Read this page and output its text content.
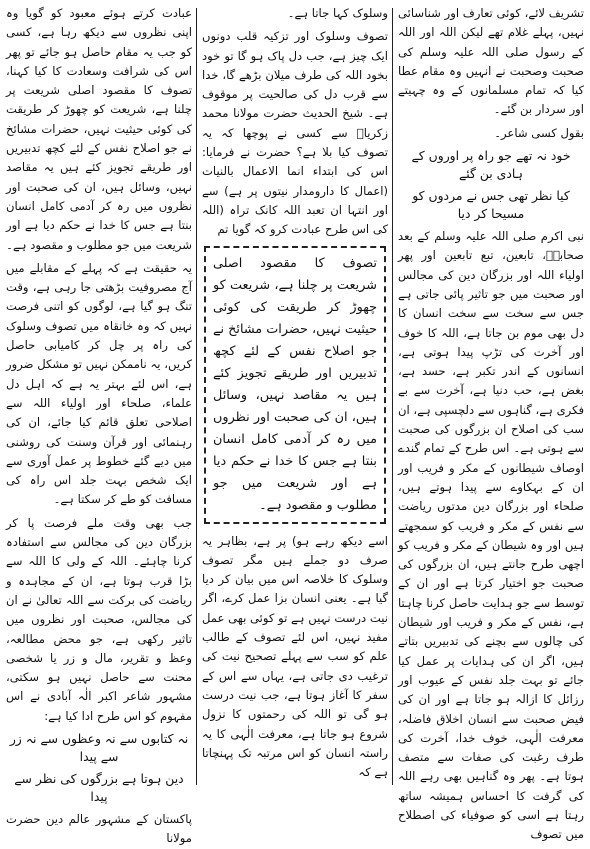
تشریف لائے، کوئی تعارف اور شناسائی نہیں، پہلے غلام تھے لیکن اللہ اور اللہ کے رسول صلی اللہ علیہ وسلم کی صحبت وصحبت نے انہیں وہ مقام عطا کیا کہ تمام مسلمانوں کے وہ چہیتے اور سردار بن گئے۔

بقول کسی شاعر۔

خود نہ تھے جو راہ پر اوروں کے ہادی بن گئے

کیا نظر تھی جس نے مردوں کو مسیحا کر دیا

نبی اکرم صلی اللہ علیہ وسلم کے بعد صحابہؓ، تابعین، تبع تابعین اور پھر اولیاء اللہ اور بزرگان دین کی مجالس اور صحبت میں جو تاثیر پائی جاتی ہے جس سے سخت سے سخت انسان کا دل بھی موم بن جاتا ہے، اللہ کا خوف اور آخرت کی تڑپ پیدا ہوتی ہے، انسانوں کے اندر تکبر ہے، حسد ہے، بغض ہے، حب دنیا ہے، آخرت سے بے فکری ہے، گناہوں سے دلچسپی ہے، ان سب کی اصلاح ان بزرگوں کی صحبت سے ہوتی ہے۔ اس طرح کے تمام گندے اوصاف شیطانوں کے مکر و فریب اور ان کے بہکاوے سے پیدا ہوتے ہیں، صلحاء اور بزرگان دین مدتوں ریاضت سے نفس کے مکر و فریب کو سمجھتے ہیں اور وہ شیطان کے مکر و فریب کو اچھی طرح جانتے ہیں، ان بزرگوں کی صحبت جو اختیار کرتا ہے اور ان کے توسط سے جو ہدایت حاصل کرنا چاہتا ہے، نفس کے مکر و فریب اور شیطان کی چالوں سے بچنے کی تدبیریں بتاتے ہیں، اگر ان کی ہدایات پر عمل کیا جائے تو بہت جلد نفس کے عیوب اور رزائل کا ازالہ ہو جاتا ہے اور ان کی فیض صحبت سے انسان اخلاق فاضلہ، معرفت الٰہی، خوف خدا، آخرت کی طرف رغبت کی صفات سے متصف ہوتا ہے۔ پھر وہ گناہیں بھی رہے اللہ کی گرفت کا احساس ہمیشہ ساتھ رہتا ہے اسی کو صوفیاء کی اصطلاح میں تصوف

وسلوک کہا جاتا ہے۔

تصوف وسلوک اور تزکیہ قلب دونوں ایک چیز ہے، جب دل پاک ہو گا تو خود بخود اللہ کی طرف میلان بڑھے گا، خدا سے قرب دل کی صالحیت پر موقوف ہے۔ شیخ الحدیث حضرت مولانا محمد زکریاؒ سے کسی نے پوچھا کہ یہ تصوف کیا بلا ہے؟ حضرت نے فرمایا: اس کی ابتداء انما الاعمال بالنیات (اعمال کا دارومدار نیتوں پر ہے) سے اور انتہا ان تعبد اللہ کانک تراہ (اللہ کی اس طرح عبادت کرو کہ گویا تم

تصوف کا مقصود اصلی شریعت پر چلنا ہے، شریعت کو چھوڑ کر طریقت کی کوئی حیثیت نہیں، حضرات مشائخ نے جو اصلاح نفس کے لئے کچھ تدبیریں اور طریقے تجویز کئے ہیں یہ مقاصد نہیں، وسائل ہیں، ان کی صحبت اور نظروں میں رہ کر آدمی کامل انسان بنتا ہے جس کا خدا نے حکم دیا ہے اور شریعت میں جو مطلوب و مقصود ہے۔

اسے دیکھ رہے ہو) پر ہے، بظاہر یہ صرف دو جملے ہیں مگر تصوف وسلوک کا خلاصہ اس میں بیان کر دیا گیا ہے۔ یعنی انسان بزا عمل کرے، اگر نیت درست نہیں ہے تو کوئی بھی عمل مفید نہیں، اس لئے تصوف کے طالب علم کو سب سے پہلے تصحیح نیت کی ترغیب دی جاتی ہے، یہاں سے اس کے سفر کا آغاز ہوتا ہے، جب نیت درست ہو گی تو اللہ کی رحمتوں کا نزول شروع ہو جاتا ہے، معرفت الٰہی کا یہ راستہ انسان کو اس مرتبہ تک پہنچاتا ہے کہ

عبادت کرتے ہوئے معبود کو گویا وہ اپنی نظروں سے دیکھ رہا ہے، کسی کو جب یہ مقام حاصل ہو جائے تو پھر اس کی شرافت وسعادت کا کیا کہنا، تصوف کا مقصود اصلی شریعت پر چلنا ہے، شریعت کو چھوڑ کر طریقت کی کوئی حیثیت نہیں، حضرات مشائخ نے جو اصلاح نفس کے لئے کچھ تدبیریں اور طریقے تجویز کئے ہیں یہ مقاصد نہیں، وسائل ہیں، ان کی صحبت اور نظروں میں رہ کر آدمی کامل انسان بنتا ہے جس کا خدا نے حکم دیا ہے اور شریعت میں جو مطلوب و مقصود ہے۔

یہ حقیقت ہے کہ پہلے کے مقابلے میں آج مصروفیت بڑھتی جا رہی ہے، وقت تنگ ہو گیا ہے، لوگوں کو اتنی فرصت نہیں کہ وہ خانقاہ میں تصوف وسلوک کی راہ پر چل کر کامیابی حاصل کریں، یہ ناممکن نہیں تو مشکل ضرور ہے، اس لئے بہتر یہ ہے کہ اہل دل علماء، صلحاء اور اولیاء اللہ سے اصلاحی تعلق قائم کیا جائے، ان کی رہنمائی اور قرآن وسنت کی روشنی میں دیے گئے خطوط پر عمل آوری سے ایک شخص بہت جلد اس راہ کی مسافت کو طے کر سکتا ہے۔

جب بھی وقت ملے فرصت پا کر بزرگان دین کی مجالس سے استفادہ کرنا چاہئے۔ اللہ کے ولی کا اللہ سے بڑا قرب ہوتا ہے، ان کے مجاہدہ و ریاضت کی برکت سے اللہ تعالیٰ نے ان کی مجالس، صحبت اور نظروں میں تاثیر رکھی ہے، جو محض مطالعہ، وعظ و تقریر، مال و زر یا شخصی محنت سے حاصل نہیں ہو سکتی، مشہور شاعر اکبر الٰہ آبادی نے اس مفہوم کو اس طرح ادا کیا ہے:

نہ کتابوں سے نہ وعظوں سے نہ زر سے پیدا

دین ہوتا ہے بزرگوں کی نظر سے پیدا

پاکستان کے مشہور عالم دین حضرت مولانا
